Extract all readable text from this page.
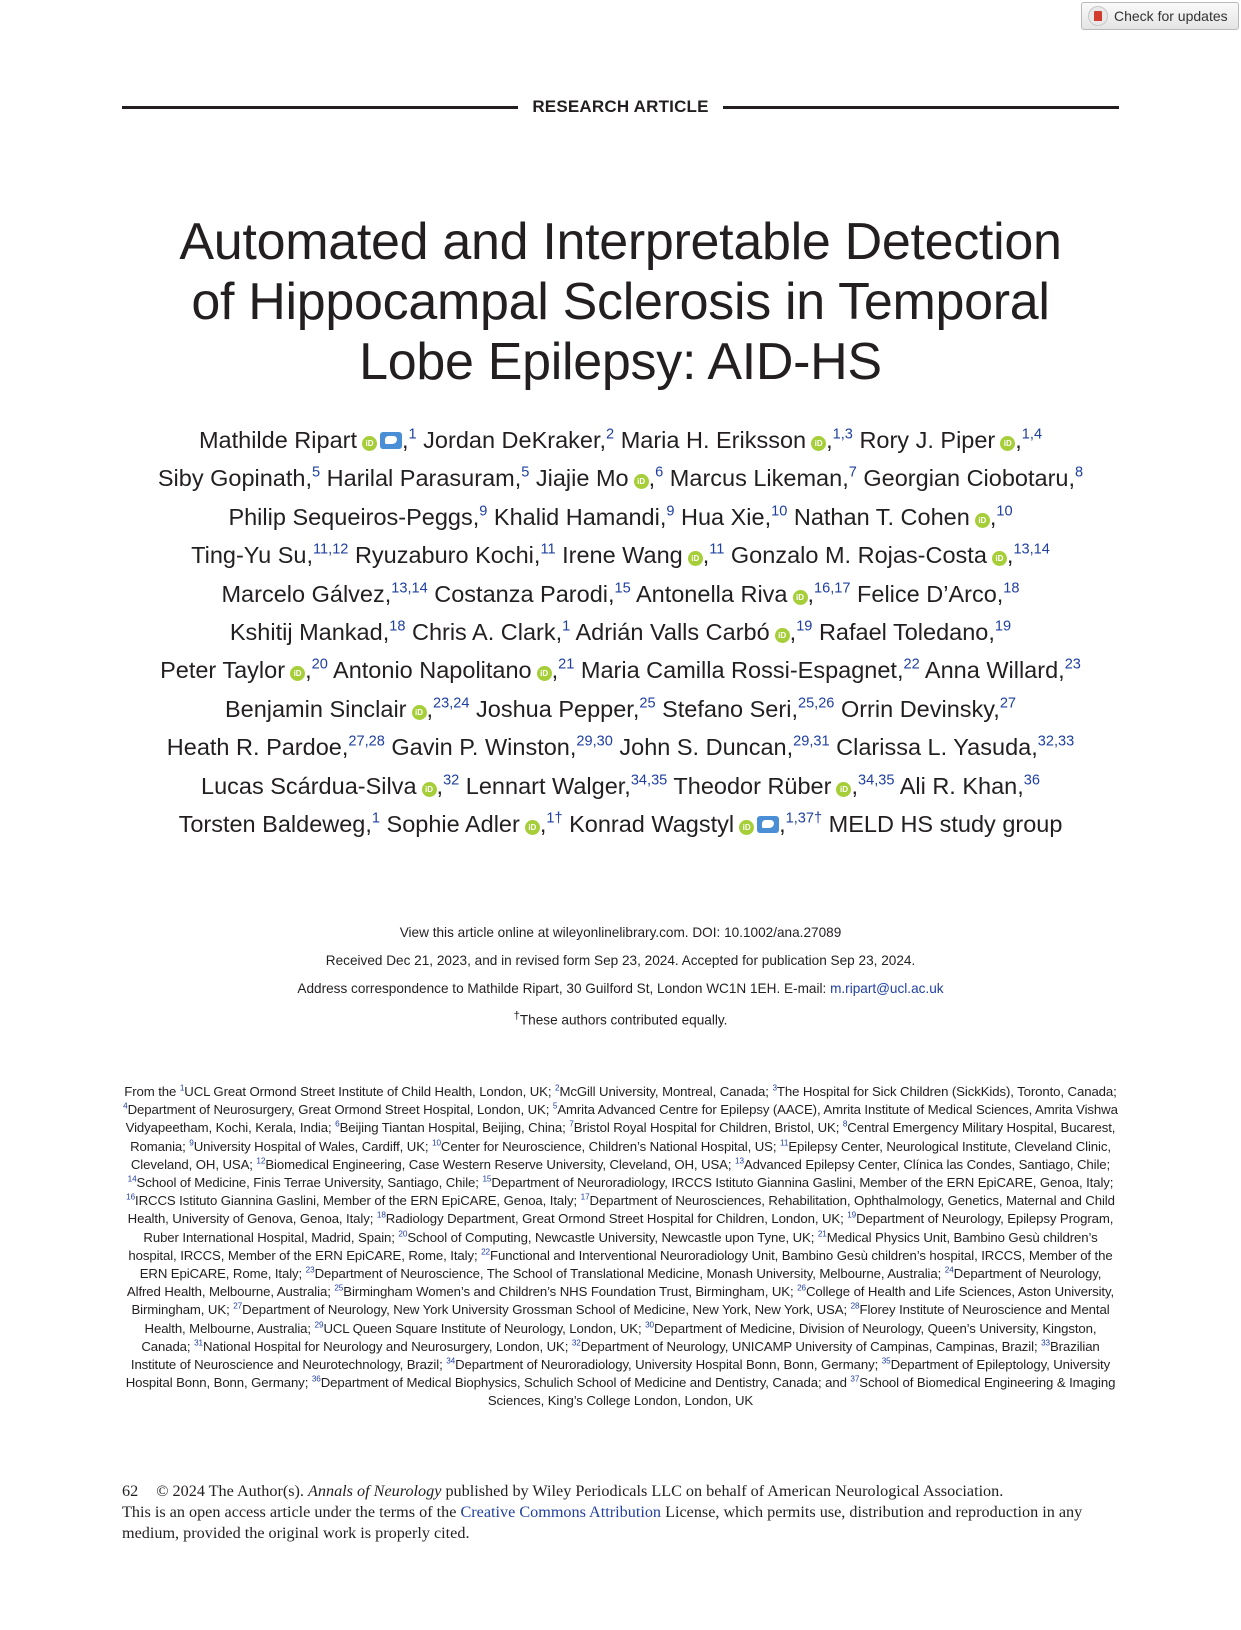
Check for updates
RESEARCH ARTICLE
Automated and Interpretable Detection
of Hippocampal Sclerosis in Temporal
Lobe Epilepsy: AID-HS
Mathilde Ripart iD ,$^1$ Jordan DeKraker,$^2$ Maria H. Eriksson iD ,$^{1,3}$ Rory J. Piper iD ,$^{1,4}$
Siby Gopinath,$^5$ Harilal Parasuram,$^5$ Jiajie Mo iD ,$^6$ Marcus Likeman,$^7$ Georgian Ciobotaru,$^8$
Philip Sequeiros-Peggs,$^9$ Khalid Hamandi,$^9$ Hua Xie,$^{10}$ Nathan T. Cohen iD ,$^{10}$
Ting-Yu Su,$^{11,12}$ Ryuzaburo Kochi,$^{11}$ Irene Wang iD ,$^{11}$ Gonzalo M. Rojas-Costa iD ,$^{13,14}$
Marcelo Gálvez,$^{13,14}$ Costanza Parodi,$^{15}$ Antonella Riva iD ,$^{16,17}$ Felice D’Arco,$^{18}$
Kshitij Mankad,$^{18}$ Chris A. Clark,$^1$ Adrián Valls Carbó iD ,$^{19}$ Rafael Toledano,$^{19}$
Peter Taylor iD ,$^{20}$ Antonio Napolitano iD ,$^{21}$ Maria Camilla Rossi-Espagnet,$^{22}$ Anna Willard,$^{23}$
Benjamin Sinclair iD ,$^{23,24}$ Joshua Pepper,$^{25}$ Stefano Seri,$^{25,26}$ Orrin Devinsky,$^{27}$
Heath R. Pardoe,$^{27,28}$ Gavin P. Winston,$^{29,30}$ John S. Duncan,$^{29,31}$ Clarissa L. Yasuda,$^{32,33}$
Lucas Scárdua-Silva iD ,$^{32}$ Lennart Walger,$^{34,35}$ Theodor Rüber iD ,$^{34,35}$ Ali R. Khan,$^{36}$
Torsten Baldeweg,$^1$ Sophie Adler iD ,$^{1\dagger}$ Konrad Wagstyl iD ,$^{1,37\dagger}$ MELD HS study group

View this article online at wileyonlinelibrary.com. DOI: 10.1002/ana.27089

Received Dec 21, 2023, and in revised form Sep 23, 2024. Accepted for publication Sep 23, 2024.

Address correspondence to Mathilde Ripart, 30 Guilford St, London WC1N 1EH. E-mail: m.ripart@ucl.ac.uk

†These authors contributed equally.

From the $^1$UCL Great Ormond Street Institute of Child Health, London, UK; $^2$McGill University, Montreal, Canada; $^3$The Hospital for Sick Children (SickKids), Toronto, Canada; $^4$Department of Neurosurgery, Great Ormond Street Hospital, London, UK; $^5$Amrita Advanced Centre for Epilepsy (AACE), Amrita Institute of Medical Sciences, Amrita Vishwa Vidyapeetham, Kochi, Kerala, India; $^6$Beijing Tiantan Hospital, Beijing, China; $^7$Bristol Royal Hospital for Children, Bristol, UK; $^8$Central Emergency Military Hospital, Bucarest, Romania; $^9$University Hospital of Wales, Cardiff, UK; $^{10}$Center for Neuroscience, Children’s National Hospital, US; $^{11}$Epilepsy Center, Neurological Institute, Cleveland Clinic, Cleveland, OH, USA; $^{12}$Biomedical Engineering, Case Western Reserve University, Cleveland, OH, USA; $^{13}$Advanced Epilepsy Center, Clínica las Condes, Santiago, Chile; $^{14}$School of Medicine, Finis Terrae University, Santiago, Chile; $^{15}$Department of Neuroradiology, IRCCS Istituto Giannina Gaslini, Member of the ERN EpiCARE, Genoa, Italy; $^{16}$IRCCS Istituto Giannina Gaslini, Member of the ERN EpiCARE, Genoa, Italy; $^{17}$Department of Neurosciences, Rehabilitation, Ophthalmology, Genetics, Maternal and Child Health, University of Genova, Genoa, Italy; $^{18}$Radiology Department, Great Ormond Street Hospital for Children, London, UK; $^{19}$Department of Neurology, Epilepsy Program, Ruber International Hospital, Madrid, Spain; $^{20}$School of Computing, Newcastle University, Newcastle upon Tyne, UK; $^{21}$Medical Physics Unit, Bambino Gesù children’s hospital, IRCCS, Member of the ERN EpiCARE, Rome, Italy; $^{22}$Functional and Interventional Neuroradiology Unit, Bambino Gesù children’s hospital, IRCCS, Member of the ERN EpiCARE, Rome, Italy; $^{23}$Department of Neuroscience, The School of Translational Medicine, Monash University, Melbourne, Australia; $^{24}$Department of Neurology, Alfred Health, Melbourne, Australia; $^{25}$Birmingham Women’s and Children’s NHS Foundation Trust, Birmingham, UK; $^{26}$College of Health and Life Sciences, Aston University, Birmingham, UK; $^{27}$Department of Neurology, New York University Grossman School of Medicine, New York, New York, USA; $^{28}$Florey Institute of Neuroscience and Mental Health, Melbourne, Australia; $^{29}$UCL Queen Square Institute of Neurology, London, UK; $^{30}$Department of Medicine, Division of Neurology, Queen’s University, Kingston, Canada; $^{31}$National Hospital for Neurology and Neurosurgery, London, UK; $^{32}$Department of Neurology, UNICAMP University of Campinas, Campinas, Brazil; $^{33}$Brazilian Institute of Neuroscience and Neurotechnology, Brazil; $^{34}$Department of Neuroradiology, University Hospital Bonn, Bonn, Germany; $^{35}$Department of Epileptology, University Hospital Bonn, Bonn, Germany; $^{36}$Department of Medical Biophysics, Schulich School of Medicine and Dentistry, Canada; and $^{37}$School of Biomedical Engineering & Imaging Sciences, King’s College London, London, UK

62 © 2024 The Author(s). Annals of Neurology published by Wiley Periodicals LLC on behalf of American Neurological Association.

This is an open access article under the terms of the Creative Commons Attribution License, which permits use, distribution and reproduction in any medium, provided the original work is properly cited.
